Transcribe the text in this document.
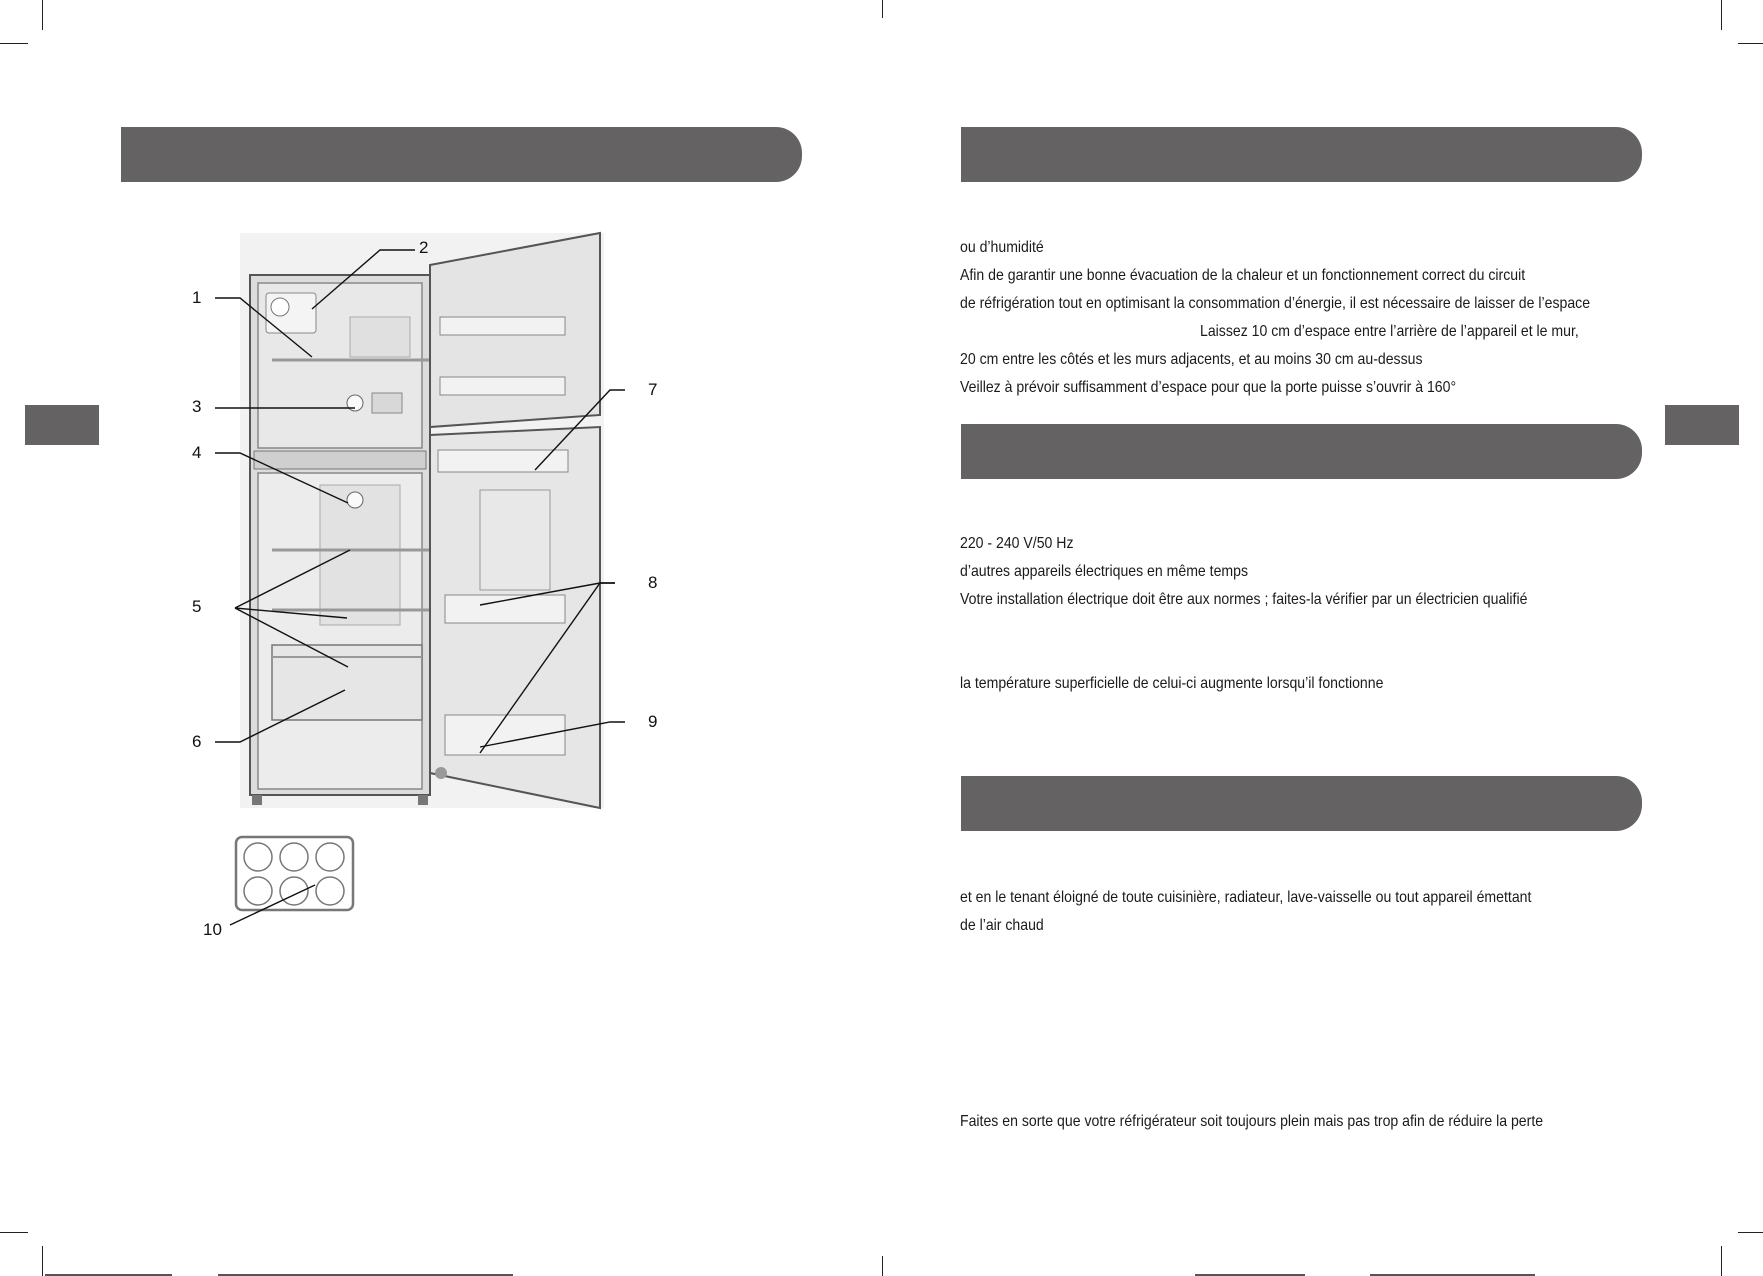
1
2
3
4
5
6
7
8
9
10
ou d’humidité
Afin de garantir une bonne évacuation de la chaleur et un fonctionnement correct du circuit
de réfrigération tout en optimisant la consommation d’énergie, il est nécessaire de laisser de l’espace
Laissez 10 cm d’espace entre l’arrière de l’appareil et le mur,
20 cm entre les côtés et les murs adjacents, et au moins 30 cm au-dessus
Veillez à prévoir suffisamment d’espace pour que la porte puisse s’ouvrir à 160°
220 - 240 V/50 Hz
d’autres appareils électriques en même temps
Votre installation électrique doit être aux normes ; faites-la vérifier par un électricien qualifié
la température superficielle de celui-ci augmente lorsqu’il fonctionne
et en le tenant éloigné de toute cuisinière, radiateur, lave-vaisselle ou tout appareil émettant
de l’air chaud
Faites en sorte que votre réfrigérateur soit toujours plein mais pas trop afin de réduire la perte
